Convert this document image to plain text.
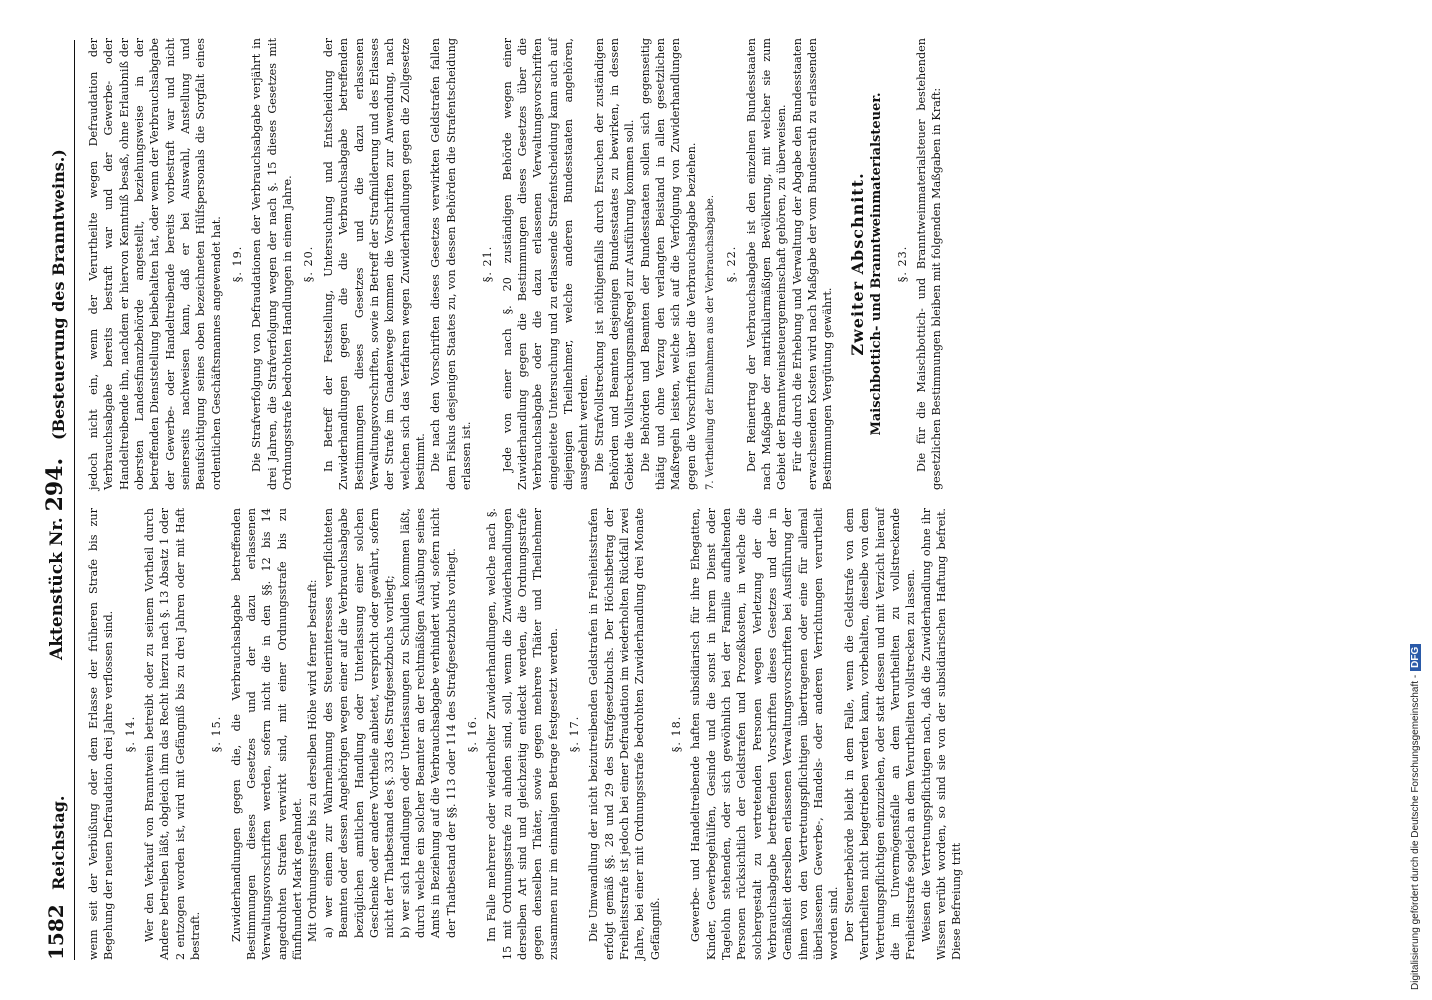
1582
Reichstag.
Aktenstück Nr. 294.
(Besteuerung des Branntweins.)

wenn seit der Verbüßung oder dem Erlasse der früheren Strafe bis zur Begehung der neuen Defraudation drei Jahre verflossen sind. §. 14. Wer den Verkauf von Branntwein betreibt oder zu seinem Vortheil durch Andere betreiben läßt, obgleich ihm das Recht hierzu nach §. 13 Absatz 1 oder 2 entzogen worden ist, wird mit Gefängniß bis zu drei Jahren oder mit Haft bestraft.

§. 15. Zuwiderhandlungen gegen die, die Verbrauchsabgabe betreffenden Bestimmungen dieses Gesetzes und der dazu erlassenen Verwaltungsvorschriften werden, sofern nicht die in den §§. 12 bis 14 angedrohten Strafen verwirkt sind, mit einer Ordnungsstrafe bis zu fünfhundert Mark geahndet. Mit Ordnungsstrafe bis zu derselben Höhe wird ferner bestraft: a) wer einem zur Wahrnehmung des Steuerinteresses verpflichteten Beamten oder dessen Angehörigen wegen einer auf die Verbrauchsabgabe bezüglichen amtlichen Handlung oder Unterlassung einer solchen Geschenke oder andere Vortheile anbietet, verspricht oder gewährt, sofern nicht der Thatbestand des §. 333 des Strafgesetzbuchs vorliegt; b) wer sich Handlungen oder Unterlassungen zu Schulden kommen läßt, durch welche ein solcher Beamter an der rechtmäßigen Ausübung seines Amts in Beziehung auf die Verbrauchsabgabe verhindert wird, sofern nicht der Thatbestand der §§. 113 oder 114 des Strafgesetzbuchs vorliegt. §. 16. Im Falle mehrerer oder wiederholter Zuwiderhandlungen, welche nach §. 15 mit Ordnungsstrafe zu ahnden sind, soll, wenn die Zuwiderhandlungen derselben Art sind und gleichzeitig entdeckt werden, die Ordnungsstrafe gegen denselben Thäter, sowie gegen mehrere Thäter und Theilnehmer zusammen nur im einmaligen Betrage festgesetzt werden. §. 17. Die Umwandlung der nicht beizutreibenden Geldstrafen in Freiheitsstrafen erfolgt gemäß §§. 28 und 29 des Strafgesetzbuchs. Der Höchstbetrag der Freiheitsstrafe ist jedoch bei einer Defraudation im wiederholten Rückfall zwei Jahre, bei einer mit Ordnungsstrafe bedrohten Zuwiderhandlung drei Monate Gefängniß.

§. 18. Gewerbe- und Handeltreibende haften subsidiarisch für ihre Ehegatten, Kinder, Gewerbegehülfen, Gesinde und die sonst in ihrem Dienst oder Tagelohn stehenden, oder sich gewöhnlich bei der Familie aufhaltenden Personen rücksichtlich der Geldstrafen und Prozeßkosten, in welche die solchergestalt zu vertretenden Personen wegen Verletzung der die Verbrauchsabgabe betreffenden Vorschriften dieses Gesetzes und der in Gemäßheit derselben erlassenen Verwaltungsvorschriften bei Ausführung der ihnen von den Vertretungspflichtigen übertragenen oder eine für allemal überlassenen Gewerbe-, Handels- oder anderen Verrichtungen verurtheilt worden sind. Der Steuerbehörde bleibt in dem Falle, wenn die Geldstrafe von dem Verurtheilten nicht beigetrieben werden kann, vorbehalten, dieselbe von dem Vertretungspflichtigen einzuziehen, oder statt dessen und mit Verzicht hierauf die im Unvermögensfalle an dem Verurtheilten zu vollstreckende Freiheitsstrafe sogleich an dem Verurtheilten vollstrecken zu lassen. Weisen die Vertretungspflichtigen nach, daß die Zuwiderhandlung ohne ihr Wissen verübt worden, so sind sie von der subsidiarischen Haftung befreit. Diese Befreiung tritt

jedoch nicht ein, wenn der Verurtheilte wegen Defraudation der Verbrauchsabgabe bereits bestraft war und der Gewerbe- oder Handeltreibende ihn, nachdem er hiervon Kenntniß besaß, ohne Erlaubniß der obersten Landesfinanzbehörde angestellt, beziehungsweise in der betreffenden Dienststellung beibehalten hat, oder wenn der Verbrauchsabgabe der Gewerbe- oder Handeltreibende bereits vorbestraft war und nicht seinerseits nachweisen kann, daß er bei Auswahl, Anstellung und Beaufsichtigung seines oben bezeichneten Hülfspersonals die Sorgfalt eines ordentlichen Geschäftsmannes angewendet hat. §. 19. Die Strafverfolgung von Defraudationen der Verbrauchsabgabe verjährt in drei Jahren, die Strafverfolgung wegen der nach §. 15 dieses Gesetzes mit Ordnungsstrafe bedrohten Handlungen in einem Jahre. §. 20. In Betreff der Feststellung, Untersuchung und Entscheidung der Zuwiderhandlungen gegen die die Verbrauchsabgabe betreffenden Bestimmungen dieses Gesetzes und die dazu erlassenen Verwaltungsvorschriften, sowie in Betreff der Strafmilderung und des Erlasses der Strafe im Gnadenwege kommen die Vorschriften zur Anwendung, nach welchen sich das Verfahren wegen Zuwiderhandlungen gegen die Zollgesetze bestimmt. Die nach den Vorschriften dieses Gesetzes verwirkten Geldstrafen fallen dem Fiskus desjenigen Staates zu, von dessen Behörden die Strafentscheidung erlassen ist.

§. 21. Jede von einer nach §. 20 zuständigen Behörde wegen einer Zuwiderhandlung gegen die Bestimmungen dieses Gesetzes über die Verbrauchsabgabe oder die dazu erlassenen Verwaltungsvorschriften eingeleitete Untersuchung und zu erlassende Strafentscheidung kann auch auf diejenigen Theilnehmer, welche anderen Bundesstaaten angehören, ausgedehnt werden. Die Strafvollstreckung ist nöthigenfalls durch Ersuchen der zuständigen Behörden und Beamten desjenigen Bundesstaates zu bewirken, in dessen Gebiet die Vollstreckungsmaßregel zur Ausführung kommen soll. Die Behörden und Beamten der Bundesstaaten sollen sich gegenseitig thätig und ohne Verzug den verlangten Beistand in allen gesetzlichen Maßregeln leisten, welche sich auf die Verfolgung von Zuwiderhandlungen gegen die Vorschriften über die Verbrauchsabgabe beziehen. 7. Vertheilung der Einnahmen aus der Verbrauchsabgabe. §. 22. Der Reinertrag der Verbrauchsabgabe ist den einzelnen Bundesstaaten nach Maßgabe der matrikularmäßigen Bevölkerung, mit welcher sie zum Gebiet der Branntweinsteuergemeinschaft gehören, zu überweisen. Für die durch die Erhebung und Verwaltung der Abgabe den Bundesstaaten erwachsenden Kosten wird nach Maßgabe der vom Bundesrath zu erlassenden Bestimmungen Vergütung gewährt.

Zweiter Abschnitt. Maischbottich- und Branntweinmaterialsteuer. §. 23. Die für die Maischbottich- und Branntweinmaterialsteuer bestehenden gesetzlichen Bestimmungen bleiben mit folgenden Maßgaben in Kraft:

Digitalisierung gefördert durch die Deutsche Forschungsgemeinschaft -DFG
